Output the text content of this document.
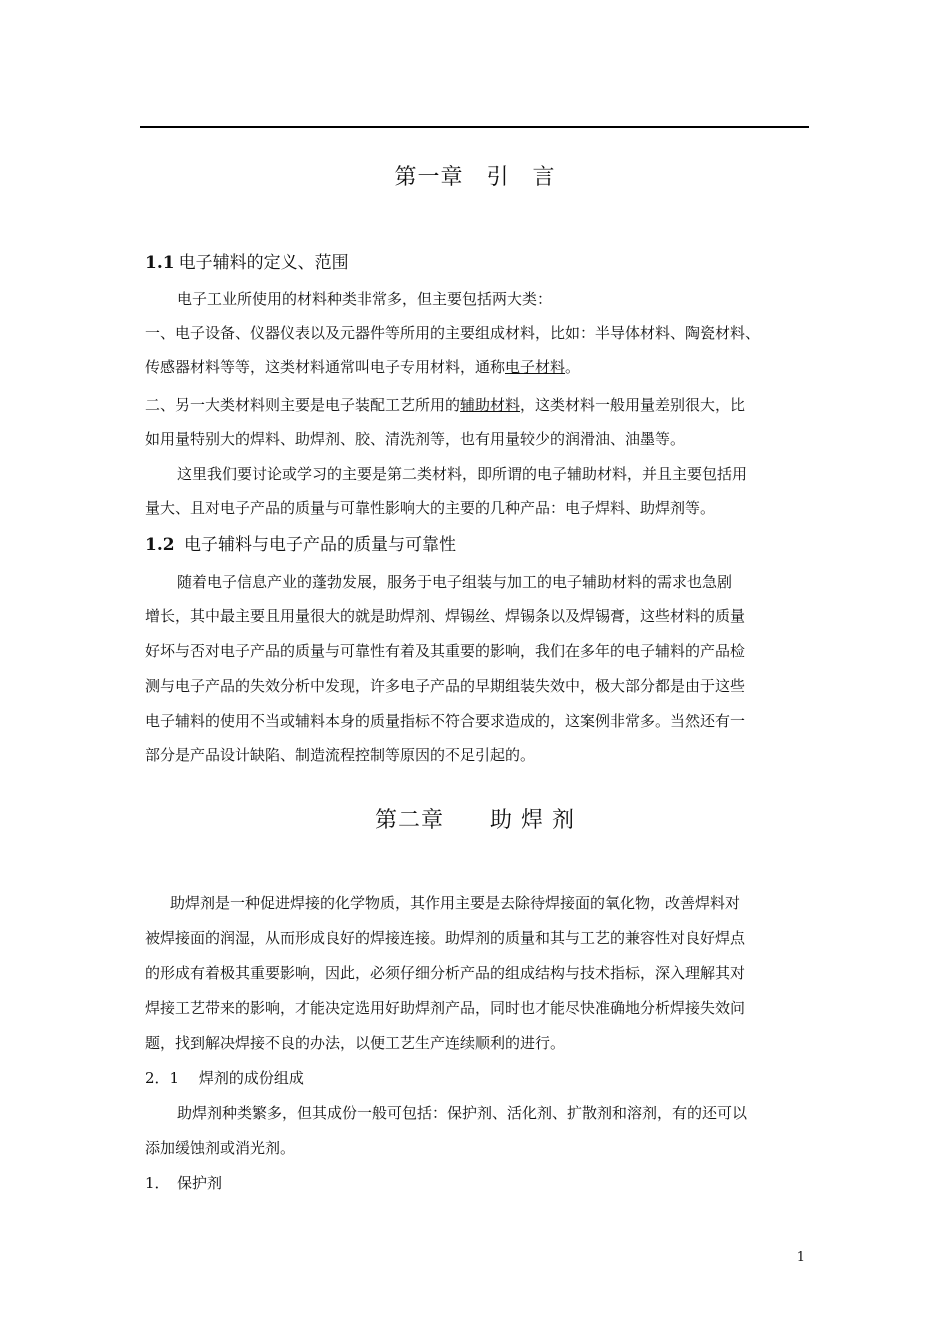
第一章　引　言
1.1 电子辅料的定义、范围

电子工业所使用的材料种类非常多，但主要包括两大类：

一、电子设备、仪器仪表以及元器件等所用的主要组成材料，比如：半导体材料、陶瓷材料、

传感器材料等等，这类材料通常叫电子专用材料，通称电子材料。

二、另一大类材料则主要是电子装配工艺所用的辅助材料，这类材料一般用量差别很大，比

如用量特别大的焊料、助焊剂、胶、清洗剂等，也有用量较少的润滑油、油墨等。

这里我们要讨论或学习的主要是第二类材料，即所谓的电子辅助材料，并且主要包括用

量大、且对电子产品的质量与可靠性影响大的主要的几种产品：电子焊料、助焊剂等。

1.2 电子辅料与电子产品的质量与可靠性

随着电子信息产业的蓬勃发展，服务于电子组装与加工的电子辅助材料的需求也急剧

增长，其中最主要且用量很大的就是助焊剂、焊锡丝、焊锡条以及焊锡膏，这些材料的质量

好坏与否对电子产品的质量与可靠性有着及其重要的影响，我们在多年的电子辅料的产品检

测与电子产品的失效分析中发现，许多电子产品的早期组装失效中，极大部分都是由于这些

电子辅料的使用不当或辅料本身的质量指标不符合要求造成的，这案例非常多。当然还有一

部分是产品设计缺陷、制造流程控制等原因的不足引起的。

第二章　　助 焊 剂

助焊剂是一种促进焊接的化学物质，其作用主要是去除待焊接面的氧化物，改善焊料对

被焊接面的润湿，从而形成良好的焊接连接。助焊剂的质量和其与工艺的兼容性对良好焊点

的形成有着极其重要影响，因此，必须仔细分析产品的组成结构与技术指标，深入理解其对

焊接工艺带来的影响，才能决定选用好助焊剂产品，同时也才能尽快准确地分析焊接失效问

题，找到解决焊接不良的办法，以便工艺生产连续顺利的进行。

2．1　 焊剂的成份组成

助焊剂种类繁多，但其成份一般可包括：保护剂、活化剂、扩散剂和溶剂，有的还可以

添加缓蚀剂或消光剂。

1．　保护剂

1
